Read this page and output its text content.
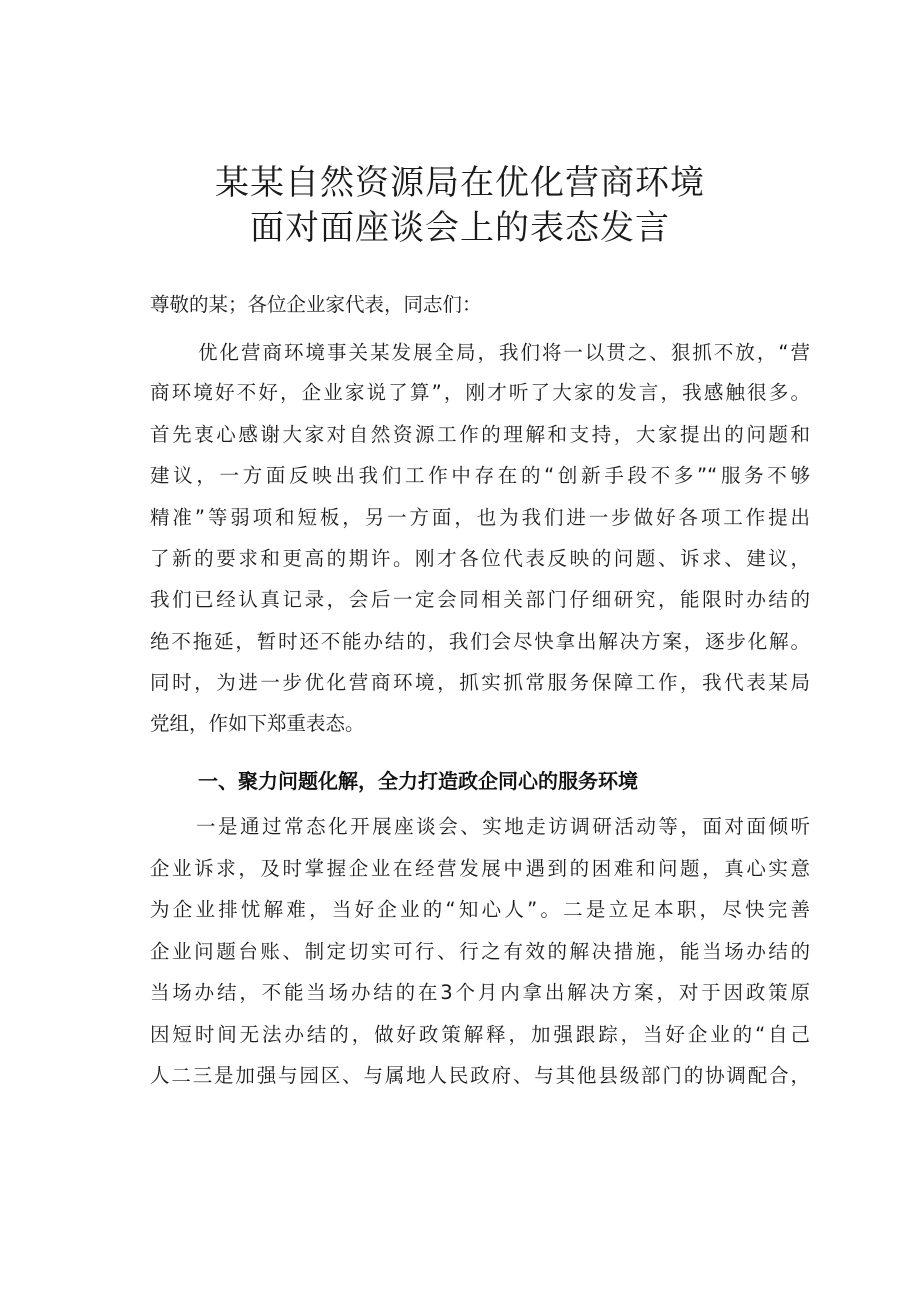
某某自然资源局在优化营商环境
面对面座谈会上的表态发言
尊敬的某；各位企业家代表，同志们：
优化营商环境事关某发展全局，我们将一以贯之、狠抓不放，“营
商环境好不好，企业家说了算”，刚才听了大家的发言，我感触很多。
首先衷心感谢大家对自然资源工作的理解和支持，大家提出的问题和
建议，一方面反映出我们工作中存在的“创新手段不多”“服务不够
精准”等弱项和短板，另一方面，也为我们进一步做好各项工作提出
了新的要求和更高的期许。刚才各位代表反映的问题、诉求、建议，
我们已经认真记录，会后一定会同相关部门仔细研究，能限时办结的
绝不拖延，暂时还不能办结的，我们会尽快拿出解决方案，逐步化解。
同时，为进一步优化营商环境，抓实抓常服务保障工作，我代表某局
党组，作如下郑重表态。
一、聚力问题化解，全力打造政企同心的服务环境
一是通过常态化开展座谈会、实地走访调研活动等，面对面倾听
企业诉求，及时掌握企业在经营发展中遇到的困难和问题，真心实意
为企业排忧解难，当好企业的“知心人”。二是立足本职，尽快完善
企业问题台账、制定切实可行、行之有效的解决措施，能当场办结的
当场办结，不能当场办结的在3个月内拿出解决方案，对于因政策原
因短时间无法办结的，做好政策解释，加强跟踪，当好企业的“自己
人二三是加强与园区、与属地人民政府、与其他县级部门的协调配合，
